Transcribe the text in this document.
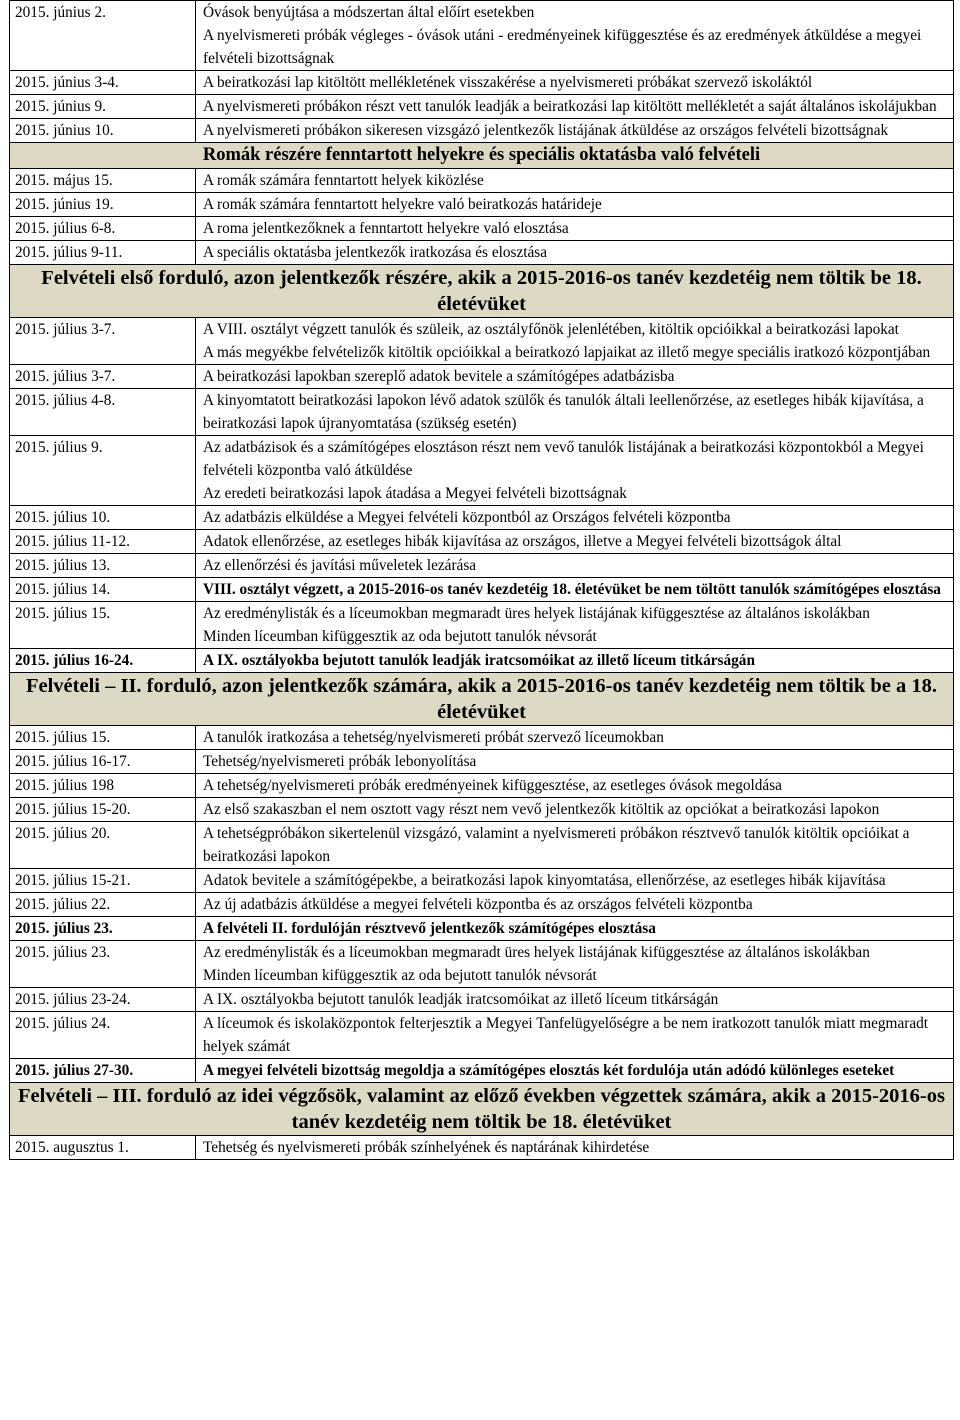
2015. június 2.	Óvások benyújtása a módszertan által előírt esetekben
A nyelvismereti próbák végleges - óvások utáni - eredményeinek kifüggesztése és az eredmények átküldése a megyei felvételi bizottságnak

2015. június 3-4.	A beiratkozási lap kitöltött mellékletének visszakérése a nyelvismereti próbákat szervező iskoláktól

2015. június 9.	A nyelvismereti próbákon részt vett tanulók leadják a beiratkozási lap kitöltött mellékletét a saját általános iskolájukban

2015. június 10.	A nyelvismereti próbákon sikeresen vizsgázó jelentkezők listájának átküldése az országos felvételi bizottságnak

Romák részére fenntartott helyekre és speciális oktatásba való felvételi	
2015. május 15.	A romák számára fenntartott helyek kiközlése

2015. június 19.	A romák számára fenntartott helyekre való beiratkozás határideje

2015. július 6-8.	A roma jelentkezőknek a fenntartott helyekre való elosztása

2015. július 9-11.	A speciális oktatásba jelentkezők iratkozása és elosztása

Felvételi első forduló, azon jelentkezők részére, akik a 2015-2016-os tanév kezdetéig nem töltik be 18. életévüket	
2015. július 3-7.	A VIII. osztályt végzett tanulók és szüleik, az osztályfőnök jelenlétében, kitöltik opcióikkal a beiratkozási lapokat
A más megyékbe felvételizők kitöltik opcióikkal a beiratkozó lapjaikat az illető megye speciális iratkozó központjában

2015. július 3-7.	A beiratkozási lapokban szereplő adatok bevitele a számítógépes adatbázisba

2015. július 4-8.	A kinyomtatott beiratkozási lapokon lévő adatok szülők és tanulók általi leellenőrzése, az esetleges hibák kijavítása, a beiratkozási lapok újranyomtatása (szükség esetén)

2015. július 9.	Az adatbázisok és a számítógépes elosztáson részt nem vevő tanulók listájának a beiratkozási központokból a Megyei felvételi központba való átküldése
Az eredeti beiratkozási lapok átadása a Megyei felvételi bizottságnak

2015. július 10.	Az adatbázis elküldése a Megyei felvételi központból az Országos felvételi központba

2015. július 11-12.	Adatok ellenőrzése, az esetleges hibák kijavítása az országos, illetve a Megyei felvételi bizottságok által

2015. július 13.	Az ellenőrzési és javítási műveletek lezárása

2015. július 14.	VIII. osztályt végzett, a 2015-2016-os tanév kezdetéig 18. életévüket be nem töltött tanulók számítógépes elosztása

2015. július 15.	Az eredménylisták és a líceumokban megmaradt üres helyek listájának kifüggesztése az általános iskolákban
Minden líceumban kifüggesztik az oda bejutott tanulók névsorát

2015. július 16-24.	A IX. osztályokba bejutott tanulók leadják iratcsomóikat az illető líceum titkárságán

Felvételi – II. forduló, azon jelentkezők számára, akik a 2015-2016-os tanév kezdetéig nem töltik be a 18. életévüket	
2015. július 15.	A tanulók iratkozása a tehetség/nyelvismereti próbát szervező líceumokban

2015. július 16-17.	Tehetség/nyelvismereti próbák lebonyolítása

2015. július 198	A tehetség/nyelvismereti próbák eredményeinek kifüggesztése, az esetleges óvások megoldása

2015. július 15-20.	Az első szakaszban el nem osztott vagy részt nem vevő jelentkezők kitöltik az opciókat a beiratkozási lapokon

2015. július 20.	A tehetségpróbákon sikertelenül vizsgázó, valamint a nyelvismereti próbákon résztvevő tanulók kitöltik opcióikat a beiratkozási lapokon

2015. július 15-21.	Adatok bevitele a számítógépekbe, a beiratkozási lapok kinyomtatása, ellenőrzése, az esetleges hibák kijavítása

2015. július 22.	Az új adatbázis átküldése a megyei felvételi központba és az országos felvételi központba

2015. július 23.	A felvételi II. fordulóján résztvevő jelentkezők számítógépes elosztása

2015. július 23.	Az eredménylisták és a líceumokban megmaradt üres helyek listájának kifüggesztése az általános iskolákban
Minden líceumban kifüggesztik az oda bejutott tanulók névsorát

2015. július 23-24.	A IX. osztályokba bejutott tanulók leadják iratcsomóikat az illető líceum titkárságán

2015. július 24.	A líceumok és iskolaközpontok felterjesztik a Megyei Tanfelügyelőségre a be nem iratkozott tanulók miatt megmaradt helyek számát

2015. július 27-30.	A megyei felvételi bizottság megoldja a számítógépes elosztás két fordulója után adódó különleges eseteket

Felvételi – III. forduló az idei végzősök, valamint az előző években végzettek számára, akik a 2015-2016-os tanév kezdetéig nem töltik be 18. életévüket	
2015. augusztus 1.	Tehetség és nyelvismereti próbák színhelyének és naptárának kihirdetése
